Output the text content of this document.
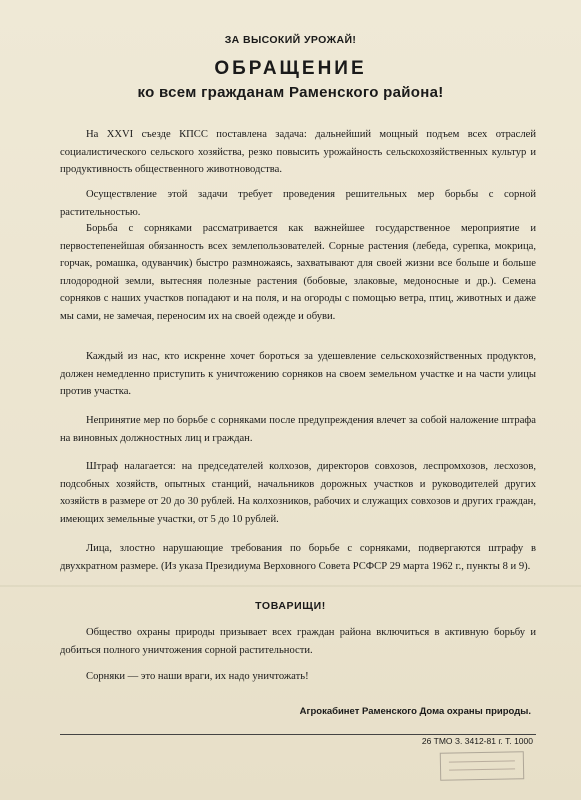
ЗА ВЫСОКИЙ УРОЖАЙ!
ОБРАЩЕНИЕ
ко всем гражданам Раменского района!

На XXVI съезде КПСС поставлена задача: дальнейший мощный подъем всех отраслей социалистического сельского хозяйства, резко повысить урожайность сельскохозяйственных культур и продуктивность общественного животноводства.

Осуществление этой задачи требует проведения решительных мер борьбы с сорной растительностью.

Борьба с сорняками рассматривается как важнейшее государственное мероприятие и первостепенейшая обязанность всех землепользователей. Сорные растения (лебеда, сурепка, мокрица, горчак, ромашка, одуванчик) быстро размножаясь, захватывают для своей жизни все больше и больше плодородной земли, вытесняя полезные растения (бобовые, злаковые, медоносные и др.). Семена сорняков с наших участков попадают и на поля, и на огороды с помощью ветра, птиц, животных и даже мы сами, не замечая, переносим их на своей одежде и обуви.

Каждый из нас, кто искренне хочет бороться за удешевление сельскохозяйственных продуктов, должен немедленно приступить к уничтожению сорняков на своем земельном участке и на части улицы против участка.

Непринятие мер по борьбе с сорняками после предупреждения влечет за собой наложение штрафа на виновных должностных лиц и граждан.

Штраф налагается: на председателей колхозов, директоров совхозов, леспромхозов, лесхозов, подсобных хозяйств, опытных станций, начальников дорожных участков и руководителей других хозяйств в размере от 20 до 30 рублей. На колхозников, рабочих и служащих совхозов и других граждан, имеющих земельные участки, от 5 до 10 рублей.

Лица, злостно нарушающие требования по борьбе с сорняками, подвергаются штрафу в двухкратном размере. (Из указа Президиума Верховного Совета РСФСР 29 марта 1962 г., пункты 8 и 9).

ТОВАРИЩИ!

Общество охраны природы призывает всех граждан района включиться в активную борьбу и добиться полного уничтожения сорной растительности.

Сорняки — это наши враги, их надо уничтожать!

Агрокабинет Раменского Дома охраны природы.
26 ТМО З. 3412-81 г. Т. 1000
